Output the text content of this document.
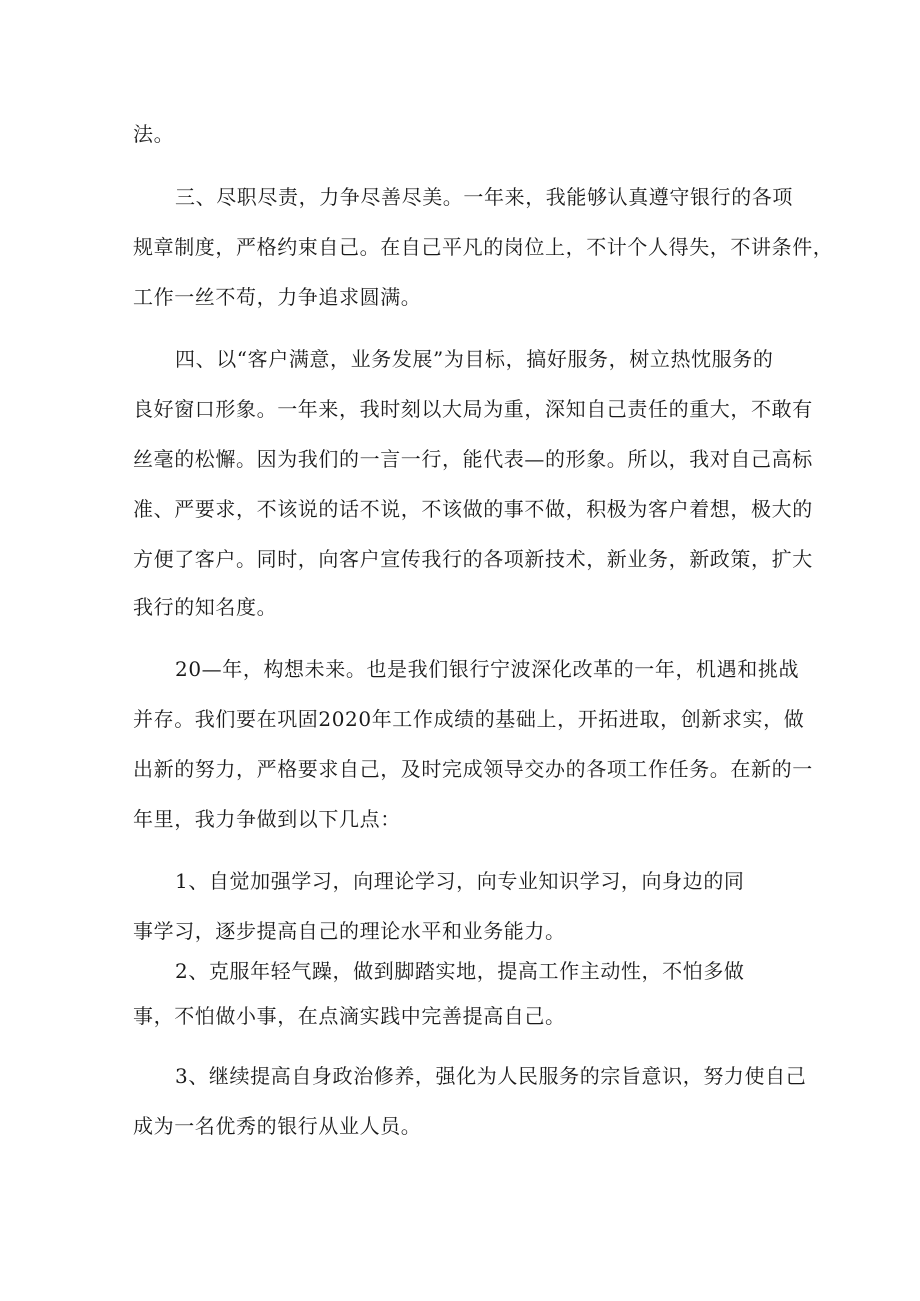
法。
三、尽职尽责，力争尽善尽美。一年来，我能够认真遵守银行的各项
规章制度，严格约束自己。在自己平凡的岗位上，不计个人得失，不讲条件，
工作一丝不苟，力争追求圆满。
四、以“客户满意，业务发展”为目标，搞好服务，树立热忱服务的
良好窗口形象。一年来，我时刻以大局为重，深知自己责任的重大，不敢有
丝毫的松懈。因为我们的一言一行，能代表—的形象。所以，我对自己高标
准、严要求，不该说的话不说，不该做的事不做，积极为客户着想，极大的
方便了客户。同时，向客户宣传我行的各项新技术，新业务，新政策，扩大
我行的知名度。
20—年，构想未来。也是我们银行宁波深化改革的一年，机遇和挑战
并存。我们要在巩固2020年工作成绩的基础上，开拓进取，创新求实，做
出新的努力，严格要求自己，及时完成领导交办的各项工作任务。在新的一
年里，我力争做到以下几点：
1、自觉加强学习，向理论学习，向专业知识学习，向身边的同
事学习，逐步提高自己的理论水平和业务能力。
2、克服年轻气躁，做到脚踏实地，提高工作主动性，不怕多做
事，不怕做小事，在点滴实践中完善提高自己。
3、继续提高自身政治修养，强化为人民服务的宗旨意识，努力使自己
成为一名优秀的银行从业人员。
